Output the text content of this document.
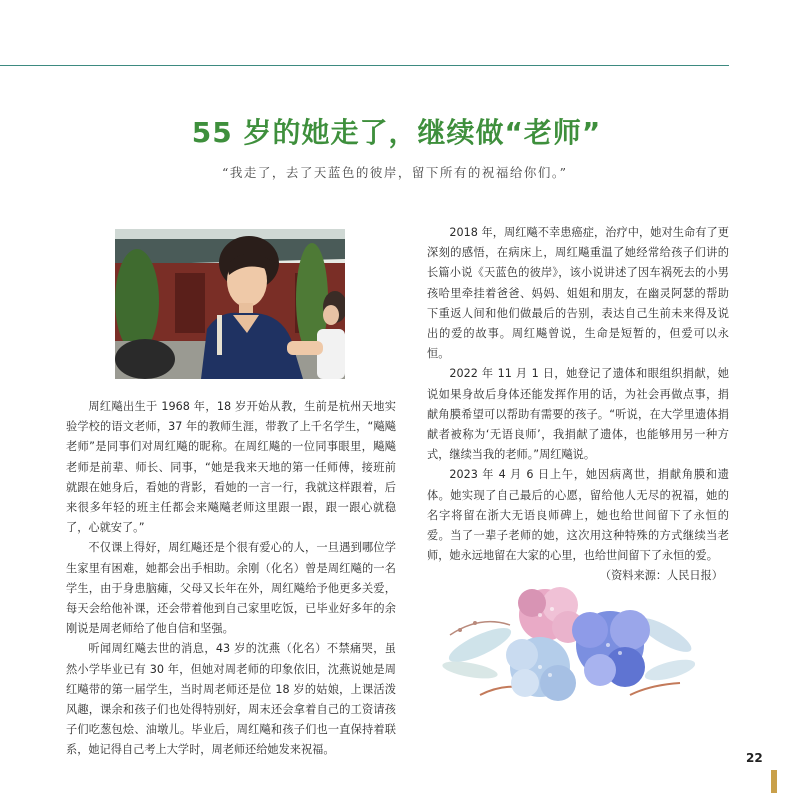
55 岁的她走了，继续做“老师”
“我走了，去了天蓝色的彼岸，留下所有的祝福给你们。”

周红飚出生于 1968 年，18 岁开始从教，生前是杭州天地实验学校的语文老师，37 年的教师生涯，带教了上千名学生，“飚飚老师”是同事们对周红飚的昵称。在周红飚的一位同事眼里，飚飚老师是前辈、师长、同事，“她是我来天地的第一任师傅，接班前就跟在她身后，看她的背影，看她的一言一行，我就这样跟着，后来很多年轻的班主任都会来飚飚老师这里跟一跟，跟一跟心就稳了，心就安了。”

不仅课上得好，周红飚还是个很有爱心的人，一旦遇到哪位学生家里有困难，她都会出手相助。余刚（化名）曾是周红飚的一名学生，由于身患脑瘫，父母又长年在外，周红飚给予他更多关爱，每天会给他补课，还会带着他到自己家里吃饭，已毕业好多年的余刚说是周老师给了他自信和坚强。

听闻周红飚去世的消息，43 岁的沈燕（化名）不禁痛哭，虽然小学毕业已有 30 年，但她对周老师的印象依旧，沈燕说她是周红飚带的第一届学生，当时周老师还是位 18 岁的姑娘，上课活泼风趣，课余和孩子们也处得特别好，周末还会拿着自己的工资请孩子们吃葱包烩、油墩儿。毕业后，周红飚和孩子们也一直保持着联系，她记得自己考上大学时，周老师还给她发来祝福。

2018 年，周红飚不幸患癌症，治疗中，她对生命有了更深刻的感悟，在病床上，周红飚重温了她经常给孩子们讲的长篇小说《天蓝色的彼岸》，该小说讲述了因车祸死去的小男孩哈里牵挂着爸爸、妈妈、姐姐和朋友，在幽灵阿瑟的帮助下重返人间和他们做最后的告别，表达自己生前未来得及说出的爱的故事。周红飚曾说，生命是短暂的，但爱可以永恒。

2022 年 11 月 1 日，她登记了遗体和眼组织捐献，她说如果身故后身体还能发挥作用的话，为社会再做点事，捐献角膜希望可以帮助有需要的孩子。“听说，在大学里遗体捐献者被称为‘无语良师’，我捐献了遗体，也能够用另一种方式，继续当我的老师。”周红飚说。

2023 年 4 月 6 日上午，她因病离世，捐献角膜和遗体。她实现了自己最后的心愿，留给他人无尽的祝福，她的名字将留在浙大无语良师碑上，她也给世间留下了永恒的爱。当了一辈子老师的她，这次用这种特殊的方式继续当老师，她永远地留在大家的心里，也给世间留下了永恒的爱。

（资料来源：人民日报）

22
